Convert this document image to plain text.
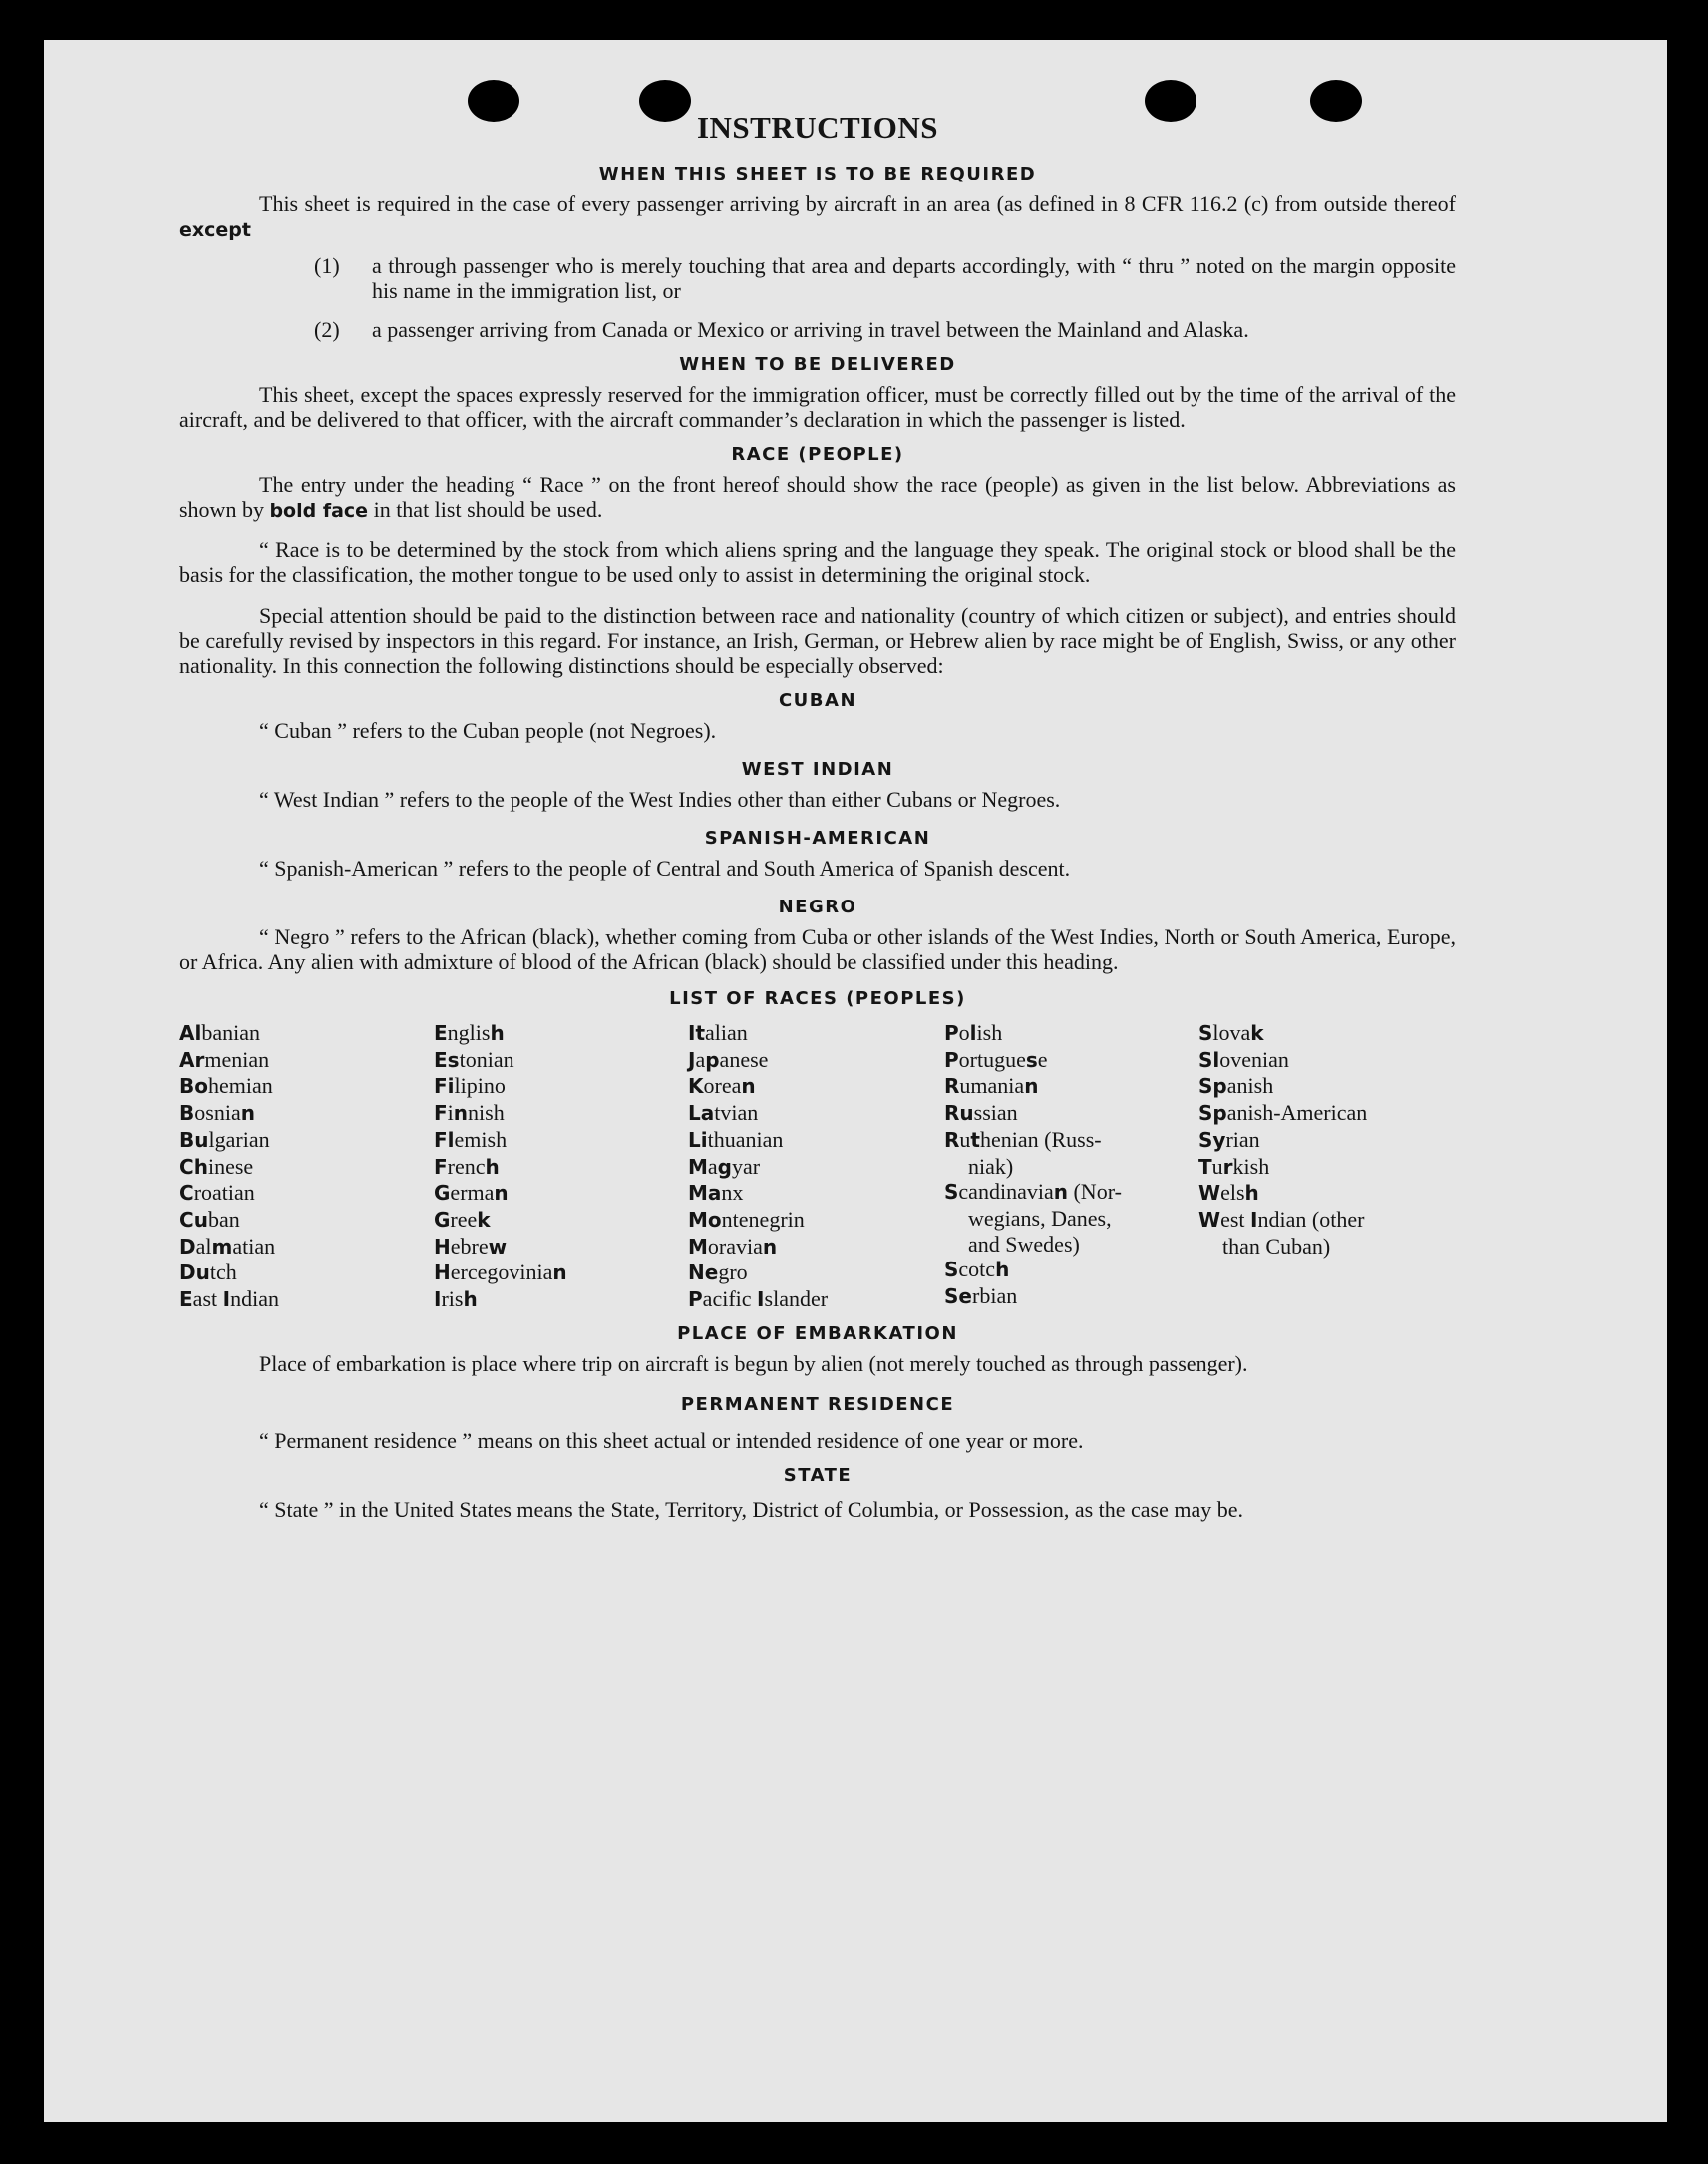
INSTRUCTIONS
WHEN THIS SHEET IS TO BE REQUIRED

This sheet is required in the case of every passenger arriving by aircraft in an area (as defined in 8 CFR 116.2 (c) from outside thereof except

(1)	a through passenger who is merely touching that area and departs accordingly, with “ thru ” noted on the margin opposite his name in the immigration list, or
(2)	a passenger arriving from Canada or Mexico or arriving in travel between the Mainland and Alaska.
WHEN TO BE DELIVERED

This sheet, except the spaces expressly reserved for the immigration officer, must be correctly filled out by the time of the arrival of the aircraft, and be delivered to that officer, with the aircraft commander’s declaration in which the passenger is listed.

RACE (PEOPLE)

The entry under the heading “ Race ” on the front hereof should show the race (people) as given in the list below. Abbreviations as shown by bold face in that list should be used.

“ Race is to be determined by the stock from which aliens spring and the language they speak. The original stock or blood shall be the basis for the classification, the mother tongue to be used only to assist in determining the original stock.

Special attention should be paid to the distinction between race and nationality (country of which citizen or subject), and entries should be carefully revised by inspectors in this regard. For instance, an Irish, German, or Hebrew alien by race might be of English, Swiss, or any other nationality. In this connection the following distinctions should be especially observed:

CUBAN

“ Cuban ” refers to the Cuban people (not Negroes).

WEST INDIAN

“ West Indian ” refers to the people of the West Indies other than either Cubans or Negroes.

SPANISH-AMERICAN

“ Spanish-American ” refers to the people of Central and South America of Spanish descent.

NEGRO

“ Negro ” refers to the African (black), whether coming from Cuba or other islands of the West Indies, North or South America, Europe, or Africa. Any alien with admixture of blood of the African (black) should be classified under this heading.

LIST OF RACES (PEOPLES)
Albanian
Armenian
Bohemian
Bosnian
Bulgarian
Chinese
Croatian
Cuban
Dalmatian
Dutch
East Indian
English
Estonian
Filipino
Finnish
Flemish
French
German
Greek
Hebrew
Hercegovinian
Irish
Italian
Japanese
Korean
Latvian
Lithuanian
Magyar
Manx
Montenegrin
Moravian
Negro
Pacific Islander
Polish
Portuguese
Rumanian
Russian
Ruthenian (Russ-
niak)
Scandinavian (Nor-
wegians, Danes,
and Swedes)
Scotch
Serbian
Slovak
Slovenian
Spanish
Spanish-American
Syrian
Turkish
Welsh
West Indian (other
than Cuban)
PLACE OF EMBARKATION

Place of embarkation is place where trip on aircraft is begun by alien (not merely touched as through passenger).

PERMANENT RESIDENCE

“ Permanent residence ” means on this sheet actual or intended residence of one year or more.

STATE

“ State ” in the United States means the State, Territory, District of Columbia, or Possession, as the case may be.
